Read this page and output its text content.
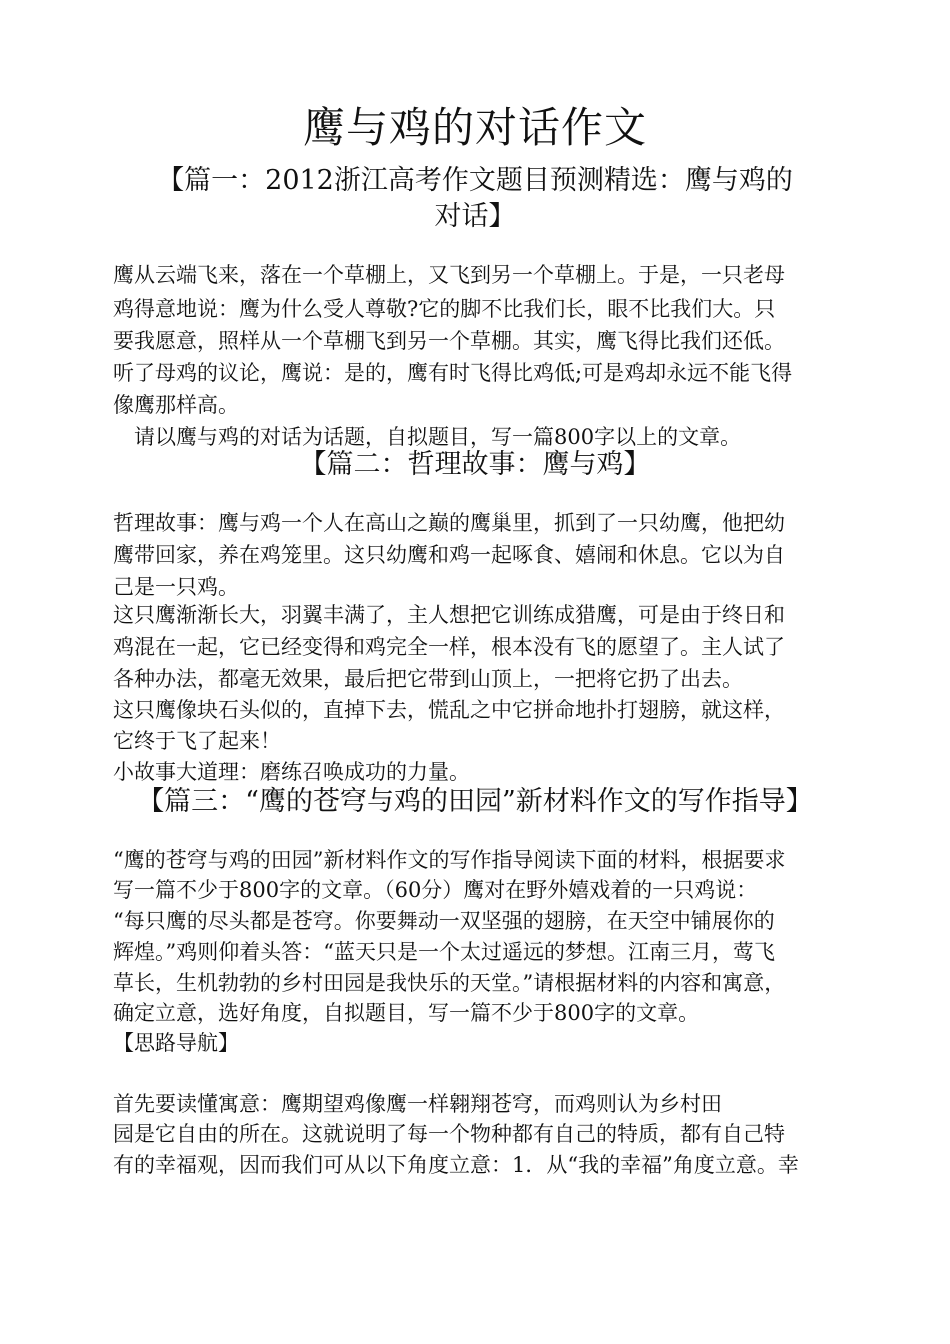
鹰与鸡的对话作文
【篇一：2012浙江高考作文题目预测精选：鹰与鸡的
对话】
鹰从云端飞来，落在一个草棚上，又飞到另一个草棚上。于是，一只老母
鸡得意地说：鹰为什么受人尊敬?它的脚不比我们长，眼不比我们大。只
要我愿意，照样从一个草棚飞到另一个草棚。其实，鹰飞得比我们还低。
听了母鸡的议论，鹰说：是的，鹰有时飞得比鸡低;可是鸡却永远不能飞得
像鹰那样高。
　请以鹰与鸡的对话为话题，自拟题目，写一篇800字以上的文章。
【篇二：哲理故事：鹰与鸡】
哲理故事：鹰与鸡一个人在高山之巅的鹰巢里，抓到了一只幼鹰，他把幼
鹰带回家，养在鸡笼里。这只幼鹰和鸡一起啄食、嬉闹和休息。它以为自
己是一只鸡。
这只鹰渐渐长大，羽翼丰满了，主人想把它训练成猎鹰，可是由于终日和
鸡混在一起，它已经变得和鸡完全一样，根本没有飞的愿望了。主人试了
各种办法，都毫无效果，最后把它带到山顶上，一把将它扔了出去。
这只鹰像块石头似的，直掉下去，慌乱之中它拼命地扑打翅膀，就这样，
它终于飞了起来！
小故事大道理：磨练召唤成功的力量。
【篇三：“鹰的苍穹与鸡的田园”新材料作文的写作指导】
“鹰的苍穹与鸡的田园”新材料作文的写作指导阅读下面的材料，根据要求
写一篇不少于800字的文章。（60分）鹰对在野外嬉戏着的一只鸡说：
“每只鹰的尽头都是苍穹。你要舞动一双坚强的翅膀，在天空中铺展你的
辉煌。”鸡则仰着头答：“蓝天只是一个太过遥远的梦想。江南三月，莺飞
草长，生机勃勃的乡村田园是我快乐的天堂。”请根据材料的内容和寓意，
确定立意，选好角度，自拟题目，写一篇不少于800字的文章。
【思路导航】
首先要读懂寓意：鹰期望鸡像鹰一样翱翔苍穹，而鸡则认为乡村田
园是它自由的所在。这就说明了每一个物种都有自己的特质，都有自己特
有的幸福观，因而我们可从以下角度立意：1．从“我的幸福”角度立意。幸
